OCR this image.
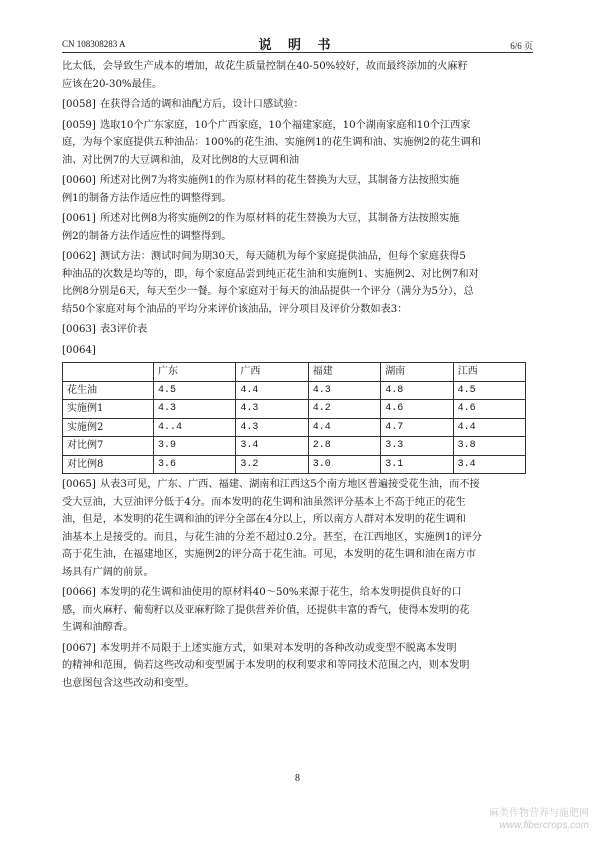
CN 108308283 A	说 明 书	6/6 页
比太低，会导致生产成本的增加，故花生质量控制在40-50%较好，故而最终添加的火麻籽
应该在20-30%最佳。
[0058] 在获得合适的调和油配方后，设计口感试验：
[0059] 选取10个广东家庭，10个广西家庭，10个福建家庭，10个湖南家庭和10个江西家
庭，为每个家庭提供五种油品：100%的花生油、实施例1的花生调和油、实施例2的花生调和
油、对比例7的大豆调和油，及对比例8的大豆调和油
[0060] 所述对比例7为将实施例1的作为原材料的花生替换为大豆，其制备方法按照实施
例1的制备方法作适应性的调整得到。
[0061] 所述对比例8为将实施例2的作为原材料的花生替换为大豆，其制备方法按照实施
例2的制备方法作适应性的调整得到。
[0062] 测试方法：测试时间为期30天，每天随机为每个家庭提供油品，但每个家庭获得5
种油品的次数是均等的，即，每个家庭品尝到纯正花生油和实施例1、实施例2、对比例7和对
比例8分别是6天，每天至少一餐。每个家庭对于每天的油品提供一个评分（满分为5分），总
结50个家庭对每个油品的平均分来评价该油品，评分项目及评价分数如表3：
[0063] 表3评价表
[0064]
	广东	广西	福建	湖南	江西
花生油	4.5	4.4	4.3	4.8	4.5
实施例1	4.3	4.3	4.2	4.6	4.6
实施例2	4..4	4.3	4.4	4.7	4.4
对比例7	3.9	3.4	2.8	3.3	3.8
对比例8	3.6	3.2	3.0	3.1	3.4
[0065] 从表3可见，广东、广西、福建、湖南和江西这5个南方地区普遍接受花生油，而不接
受大豆油，大豆油评分低于4分。而本发明的花生调和油虽然评分基本上不高于纯正的花生
油，但是，本发明的花生调和油的评分全部在4分以上，所以南方人群对本发明的花生调和
油基本上是接受的。而且，与花生油的分差不超过0.2分。甚至，在江西地区，实施例1的评分
高于花生油，在福建地区，实施例2的评分高于花生油。可见，本发明的花生调和油在南方市
场具有广阔的前景。
[0066] 本发明的花生调和油使用的原材料40～50%来源于花生，给本发明提供良好的口
感，而火麻籽、葡萄籽以及亚麻籽除了提供营养价值，还提供丰富的香气，使得本发明的花
生调和油醇香。
[0067] 本发明并不局限于上述实施方式，如果对本发明的各种改动或变型不脱离本发明
的精神和范围，倘若这些改动和变型属于本发明的权利要求和等同技术范围之内，则本发明
也意图包含这些改动和变型。
8
麻类作物营养与施肥网
www.fibercrops.com
